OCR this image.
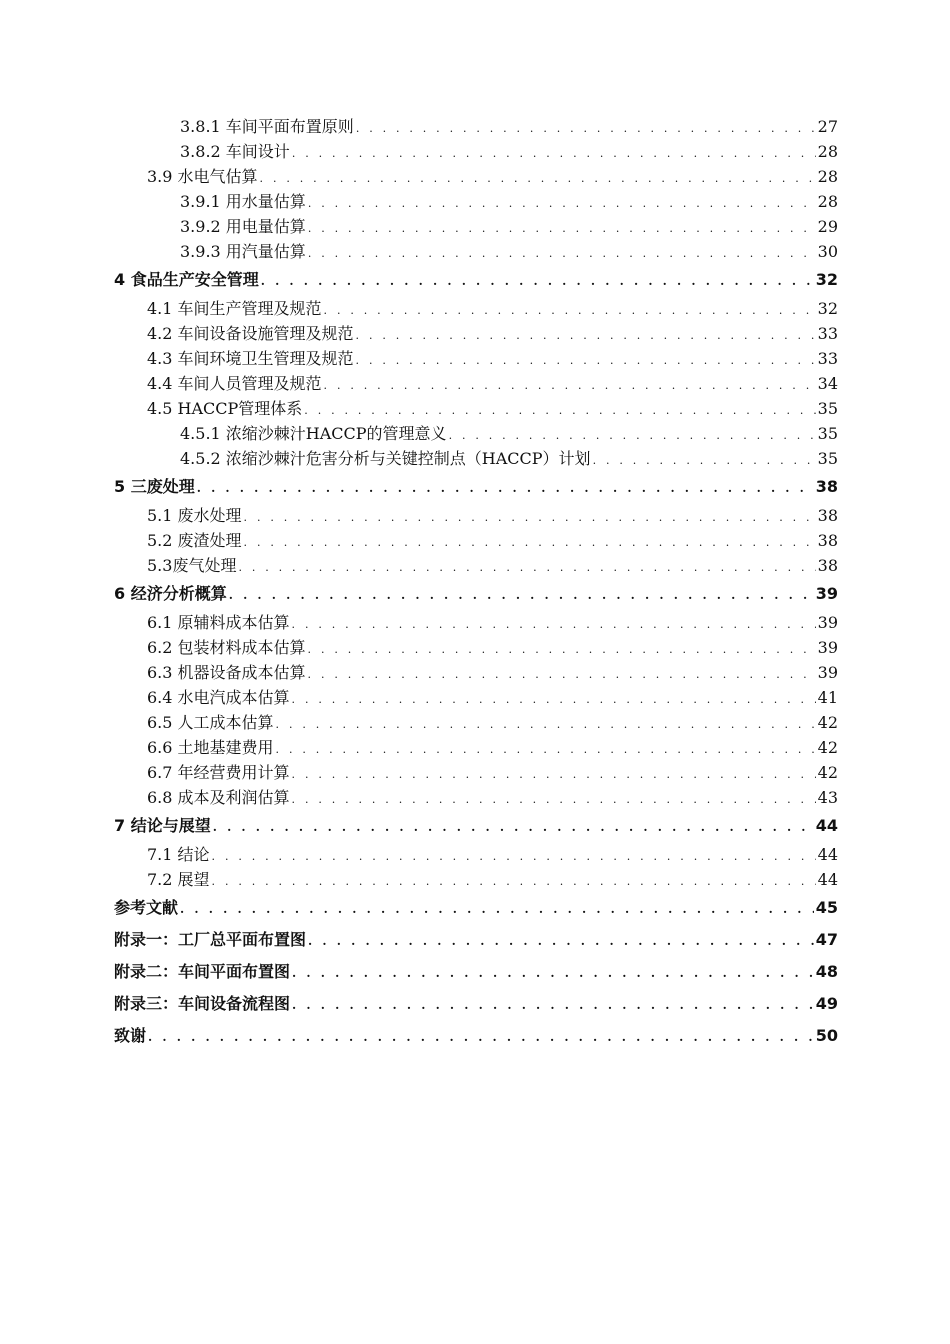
3.8.1 车间平面布置原则 . . .	27
3.8.2 车间设计 . . .	28
3.9 水电气估算 . . .	28
3.9.1 用水量估算 . . .	28
3.9.2 用电量估算 . . .	29
3.9.3 用汽量估算 . . .	30
4 食品生产安全管理 . . .	32
4.1 车间生产管理及规范 . . .	32
4.2 车间设备设施管理及规范 . . .	33
4.3 车间环境卫生管理及规范 . . .	33
4.4 车间人员管理及规范 . . .	34
4.5 HACCP管理体系 . . .	35
4.5.1 浓缩沙棘汁HACCP的管理意义 . . .	35
4.5.2 浓缩沙棘汁危害分析与关键控制点（HACCP）计划 . . .	35
5 三废处理 . . .	38
5.1 废水处理 . . .	38
5.2 废渣处理 . . .	38
5.3废气处理 . . .	38
6 经济分析概算 . . .	39
6.1 原辅料成本估算 . . .	39
6.2 包装材料成本估算 . . .	39
6.3 机器设备成本估算 . . .	39
6.4 水电汽成本估算 . . .	41
6.5 人工成本估算 . . .	42
6.6 土地基建费用 . . .	42
6.7 年经营费用计算 . . .	42
6.8 成本及利润估算 . . .	43
7 结论与展望 . . .	44
7.1 结论 . . .	44
7.2 展望 . . .	44
参考文献 . . .	45
附录一：工厂总平面布置图 . . .	47
附录二：车间平面布置图 . . .	48
附录三：车间设备流程图 . . .	49
致谢 . . .	50
